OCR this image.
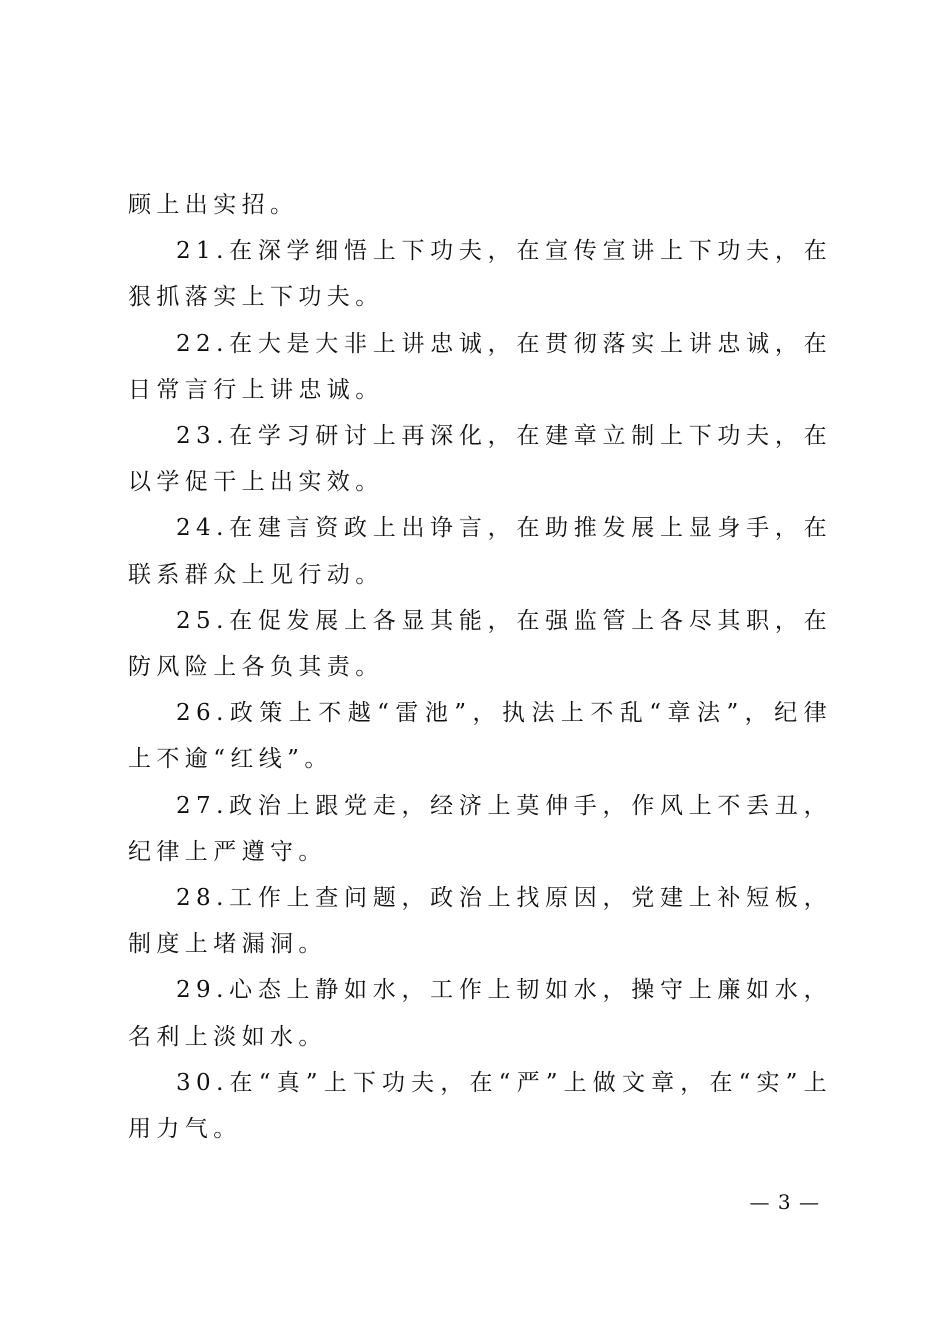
顾上出实招。

21.在深学细悟上下功夫，在宣传宣讲上下功夫，在狠抓落实上下功夫。

22.在大是大非上讲忠诚，在贯彻落实上讲忠诚，在日常言行上讲忠诚。

23.在学习研讨上再深化，在建章立制上下功夫，在以学促干上出实效。

24.在建言资政上出诤言，在助推发展上显身手，在联系群众上见行动。

25.在促发展上各显其能，在强监管上各尽其职，在防风险上各负其责。

26.政策上不越“雷池”，执法上不乱“章法”，纪律上不逾“红线”。

27.政治上跟党走，经济上莫伸手，作风上不丢丑，纪律上严遵守。

28.工作上查问题，政治上找原因，党建上补短板，制度上堵漏洞。

29.心态上静如水，工作上韧如水，操守上廉如水，名利上淡如水。

30.在“真”上下功夫，在“严”上做文章，在“实”上用力气。

— 3 —
